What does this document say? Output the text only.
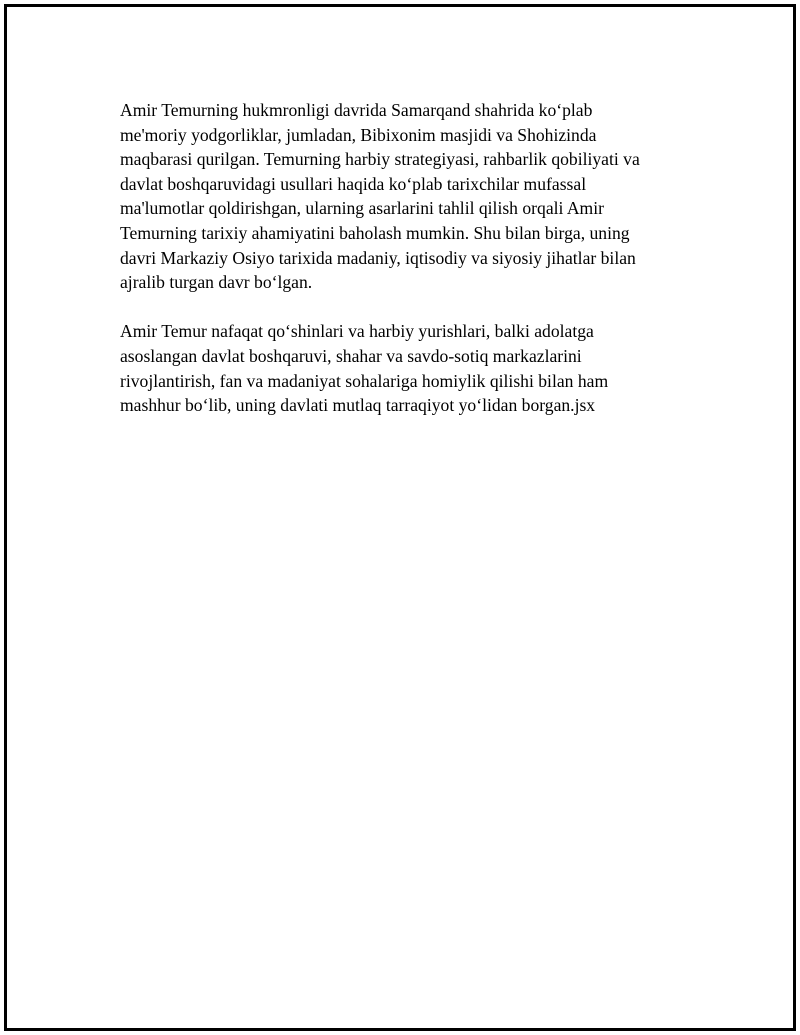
Amir Temurning hukmronligi davrida Samarqand shahrida ko‘plab
me'moriy yodgorliklar, jumladan, Bibixonim masjidi va Shohizinda
maqbarasi qurilgan. Temurning harbiy strategiyasi, rahbarlik qobiliyati va
davlat boshqaruvidagi usullari haqida ko‘plab tarixchilar mufassal
ma'lumotlar qoldirishgan, ularning asarlarini tahlil qilish orqali Amir
Temurning tarixiy ahamiyatini baholash mumkin. Shu bilan birga, uning
davri Markaziy Osiyo tarixida madaniy, iqtisodiy va siyosiy jihatlar bilan
ajralib turgan davr bo‘lgan.

Amir Temur nafaqat qo‘shinlari va harbiy yurishlari, balki adolatga
asoslangan davlat boshqaruvi, shahar va savdo-sotiq markazlarini
rivojlantirish, fan va madaniyat sohalariga homiylik qilishi bilan ham
mashhur bo‘lib, uning davlati mutlaq tarraqiyot yo‘lidan borgan.jsx
